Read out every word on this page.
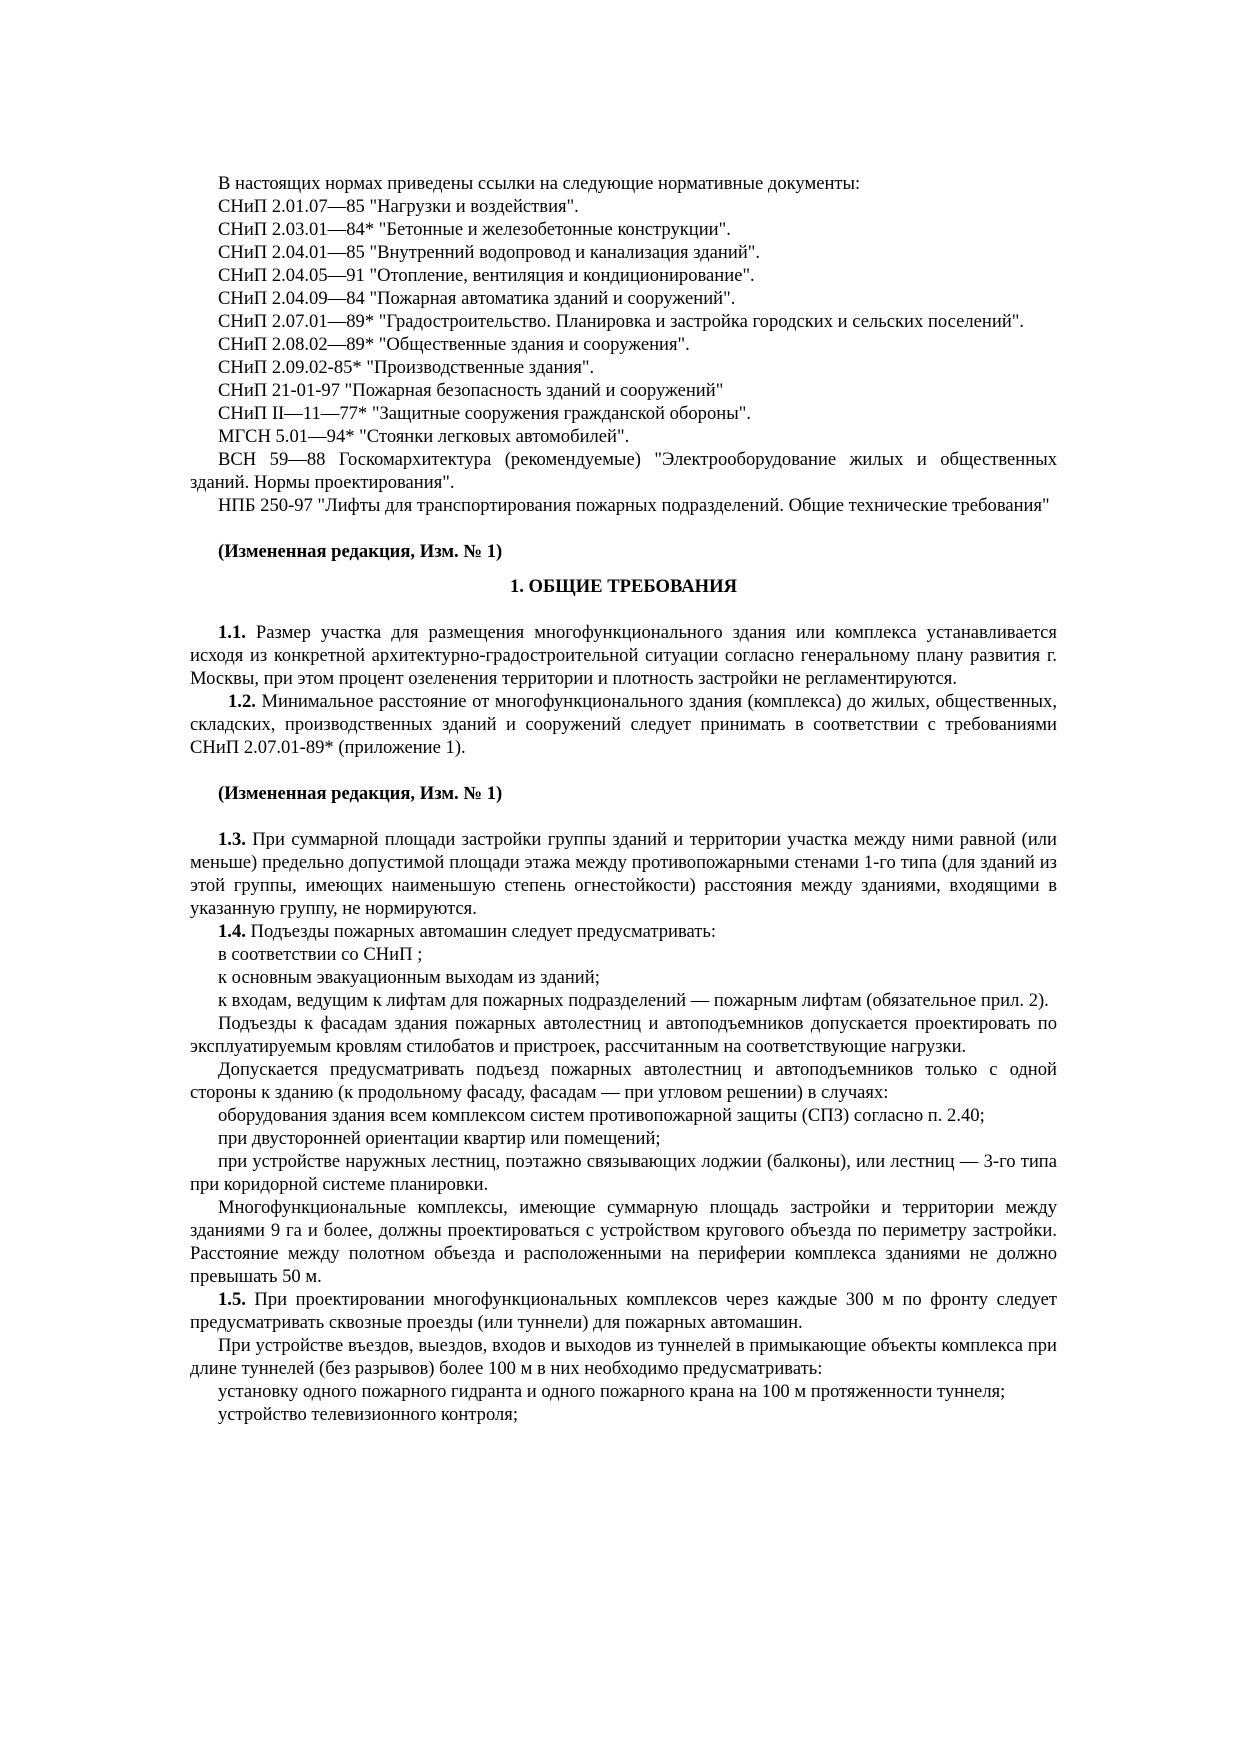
В настоящих нормах приведены ссылки на следующие нормативные документы:

СНиП 2.01.07—85 "Нагрузки и воздействия".

СНиП 2.03.01—84* "Бетонные и железобетонные конструкции".

СНиП 2.04.01—85 "Внутренний водопровод и канализация зданий".

СНиП 2.04.05—91 "Отопление, вентиляция и кондиционирование".

СНиП 2.04.09—84 "Пожарная автоматика зданий и сооружений".

СНиП 2.07.01—89* "Градостроительство. Планировка и застройка городских и сельских поселений".

СНиП 2.08.02—89* "Общественные здания и сооружения".

СНиП 2.09.02-85* "Производственные здания".

СНиП 21-01-97 "Пожарная безопасность зданий и сооружений"

СНиП II—11—77* "Защитные сооружения гражданской обороны".

МГСН 5.01—94* "Стоянки легковых автомобилей".

ВСН 59—88 Госкомархитектура (рекомендуемые) "Электрооборудование жилых и общественных зданий. Нормы проектирования".

НПБ 250-97 "Лифты для транспортирования пожарных подразделений. Общие технические требования"

(Измененная редакция, Изм. № 1)

1. ОБЩИЕ ТРЕБОВАНИЯ

1.1. Размер участка для размещения многофункционального здания или комплекса устанавливается исходя из конкретной архитектурно-градостроительной ситуации согласно генеральному плану развития г. Москвы, при этом процент озеленения территории и плотность застройки не регламентируются.

1.2. Минимальное расстояние от многофункционального здания (комплекса) до жилых, общественных, складских, производственных зданий и сооружений следует принимать в соответствии с требованиями СНиП 2.07.01-89* (приложение 1).

(Измененная редакция, Изм. № 1)

1.3. При суммарной площади застройки группы зданий и территории участка между ними равной (или меньше) предельно допустимой площади этажа между противопожарными стенами 1-го типа (для зданий из этой группы, имеющих наименьшую степень огнестойкости) расстояния между зданиями, входящими в указанную группу, не нормируются.

1.4. Подъезды пожарных автомашин следует предусматривать:

в соответствии со СНиП ;

к основным эвакуационным выходам из зданий;

к входам, ведущим к лифтам для пожарных подразделений — пожарным лифтам (обязательное прил. 2).

Подъезды к фасадам здания пожарных автолестниц и автоподъемников допускается проектировать по эксплуатируемым кровлям стилобатов и пристроек, рассчитанным на соответствующие нагрузки.

Допускается предусматривать подъезд пожарных автолестниц и автоподъемников только с одной стороны к зданию (к продольному фасаду, фасадам — при угловом решении) в случаях:

оборудования здания всем комплексом систем противопожарной защиты (СПЗ) согласно п. 2.40;

при двусторонней ориентации квартир или помещений;

при устройстве наружных лестниц, поэтажно связывающих лоджии (балконы), или лестниц — 3-го типа при коридорной системе планировки.

Многофункциональные комплексы, имеющие суммарную площадь застройки и территории между зданиями 9 га и более, должны проектироваться с устройством кругового объезда по периметру застройки. Расстояние между полотном объезда и расположенными на периферии комплекса зданиями не должно превышать 50 м.

1.5. При проектировании многофункциональных комплексов через каждые 300 м по фронту следует предусматривать сквозные проезды (или туннели) для пожарных автомашин.

При устройстве въездов, выездов, входов и выходов из туннелей в примыкающие объекты комплекса при длине туннелей (без разрывов) более 100 м в них необходимо предусматривать:

установку одного пожарного гидранта и одного пожарного крана на 100 м протяженности туннеля;

устройство телевизионного контроля;
